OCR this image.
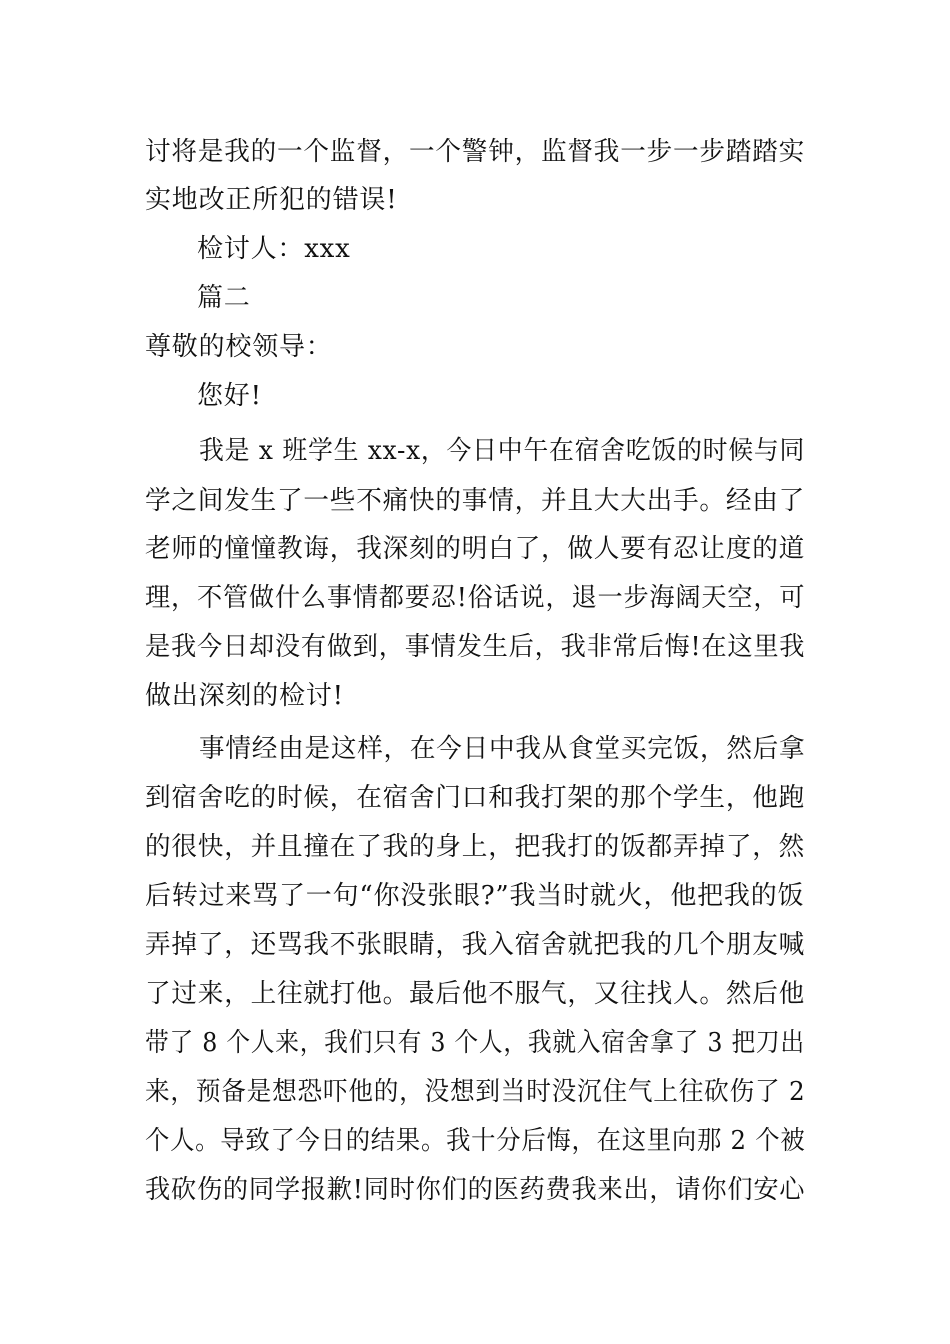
讨将是我的一个监督，一个警钟，监督我一步一步踏踏实
实地改正所犯的错误!
检讨人：xxx
篇二
尊敬的校领导：
您好!
我是 x 班学生 xx-x，今日中午在宿舍吃饭的时候与同
学之间发生了一些不痛快的事情，并且大大出手。经由了
老师的憧憧教诲，我深刻的明白了，做人要有忍让度的道
理，不管做什么事情都要忍!俗话说，退一步海阔天空，可
是我今日却没有做到，事情发生后，我非常后悔!在这里我
做出深刻的检讨!
事情经由是这样，在今日中我从食堂买完饭，然后拿
到宿舍吃的时候，在宿舍门口和我打架的那个学生，他跑
的很快，并且撞在了我的身上，把我打的饭都弄掉了，然
后转过来骂了一句“你没张眼?”我当时就火，他把我的饭
弄掉了，还骂我不张眼睛，我入宿舍就把我的几个朋友喊
了过来，上往就打他。最后他不服气，又往找人。然后他
带了 8 个人来，我们只有 3 个人，我就入宿舍拿了 3 把刀出
来，预备是想恐吓他的，没想到当时没沉住气上往砍伤了 2
个人。导致了今日的结果。我十分后悔，在这里向那 2 个被
我砍伤的同学报歉!同时你们的医药费我来出，请你们安心
